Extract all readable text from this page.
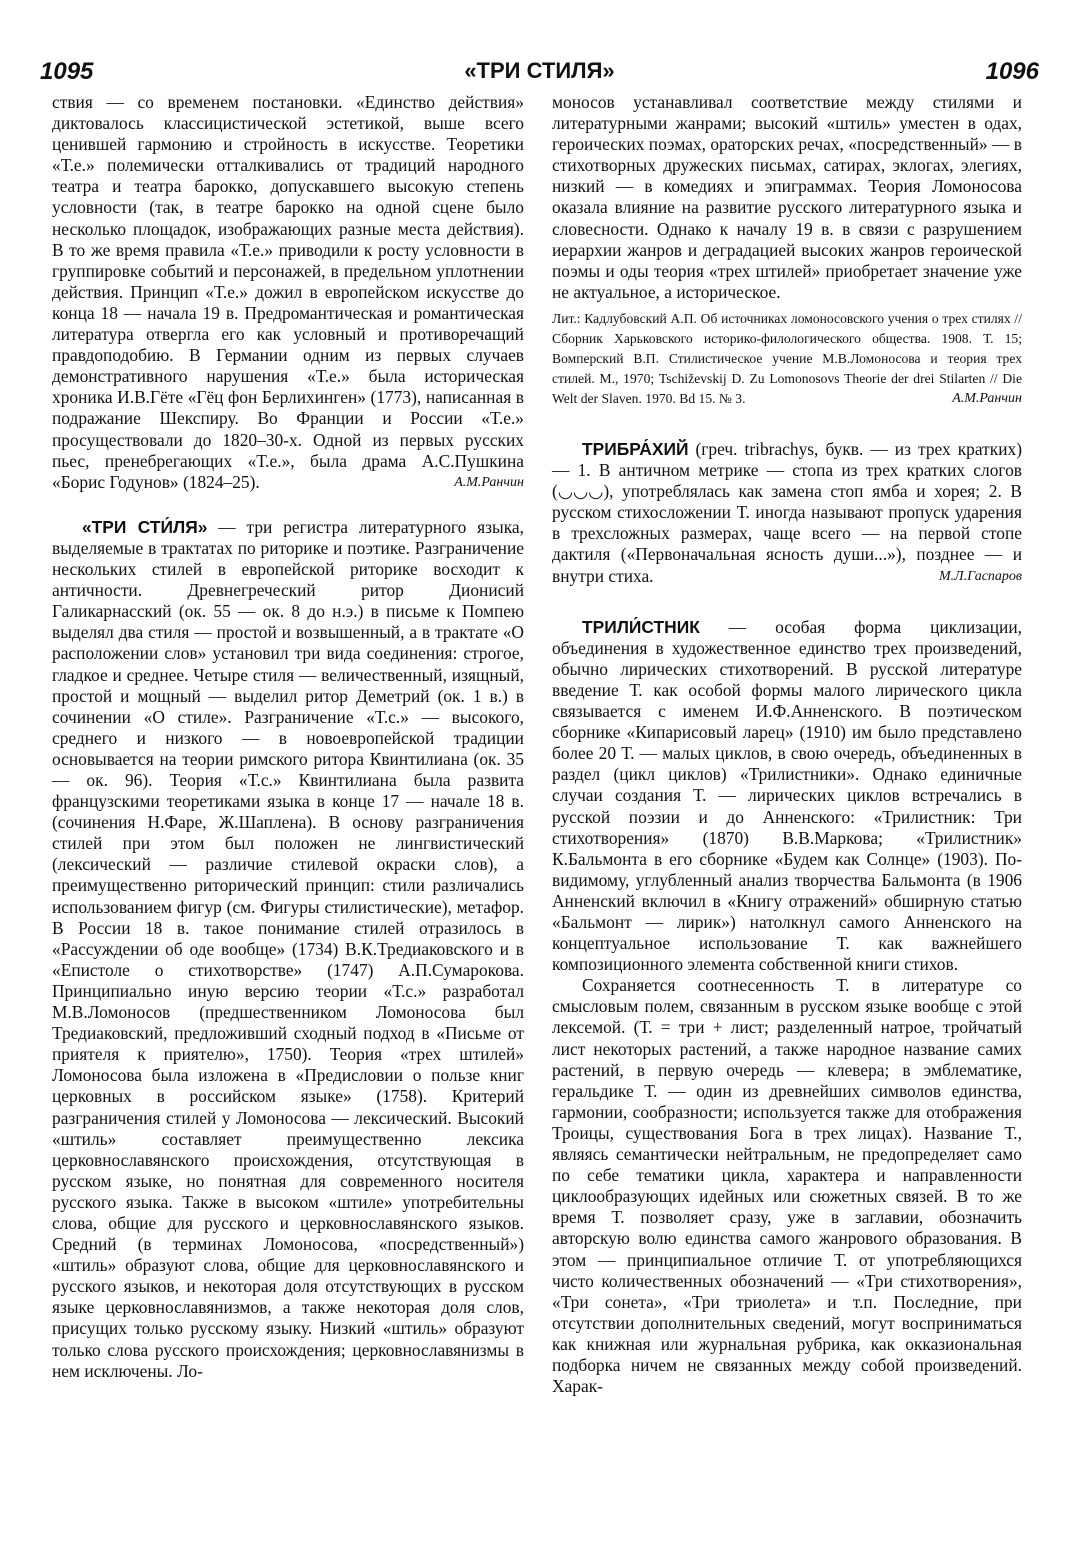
1095	«ТРИ СТИЛЯ»	1096

ствия — со временем постановки. «Единство действия» диктовалось классицистической эстетикой, выше всего ценившей гармонию и стройность в искусстве. Теоретики «Т.е.» полемически отталкивались от традиций народного театра и театра барокко, допускавшего высокую степень условности (так, в театре барокко на одной сцене было несколько площадок, изображающих разные места действия). В то же время правила «Т.е.» приводили к росту условности в группировке событий и персонажей, в предельном уплотнении действия. Принцип «Т.е.» дожил в европейском искусстве до конца 18 — начала 19 в. Предромантическая и романтическая литература отвергла его как условный и противоречащий правдоподобию. В Германии одним из первых случаев демонстративного нарушения «Т.е.» была историческая хроника И.В.Гёте «Гёц фон Берлихинген» (1773), написанная в подражание Шекспиру. Во Франции и России «Т.е.» просуществовали до 1820–30-х. Одной из первых русских пьес, пренебрегающих «Т.е.», была драма А.С.Пушкина «Борис Годунов» (1824–25).	А.М.Ранчин

«ТРИ СТИ́ЛЯ» — три регистра литературного языка, выделяемые в трактатах по риторике и поэтике. Разграничение нескольких стилей в европейской риторике восходит к античности. Древнегреческий ритор Дионисий Галикарнасский (ок. 55 — ок. 8 до н.э.) в письме к Помпею выделял два стиля — простой и возвышенный, а в трактате «О расположении слов» установил три вида соединения: строгое, гладкое и среднее. Четыре стиля — величественный, изящный, простой и мощный — выделил ритор Деметрий (ок. 1 в.) в сочинении «О стиле». Разграничение «Т.с.» — высокого, среднего и низкого — в новоевропейской традиции основывается на теории римского ритора Квинтилиана (ок. 35 — ок. 96). Теория «Т.с.» Квинтилиана была развита французскими теоретиками языка в конце 17 — начале 18 в. (сочинения Н.Фаре, Ж.Шаплена). В основу разграничения стилей при этом был положен не лингвистический (лексический — различие стилевой окраски слов), а преимущественно риторический принцип: стили различались использованием фигур (см. Фигуры стилистические), метафор. В России 18 в. такое понимание стилей отразилось в «Рассуждении об оде вообще» (1734) В.К.Тредиаковского и в «Епистоле о стихотворстве» (1747) А.П.Сумарокова. Принципиально иную версию теории «Т.с.» разработал М.В.Ломоносов (предшественником Ломоносова был Тредиаковский, предложивший сходный подход в «Письме от приятеля к приятелю», 1750). Теория «трех штилей» Ломоносова была изложена в «Предисловии о пользе книг церковных в российском языке» (1758). Критерий разграничения стилей у Ломоносова — лексический. Высокий «штиль» составляет преимущественно лексика церковнославянского происхождения, отсутствующая в русском языке, но понятная для современного носителя русского языка. Также в высоком «штиле» употребительны слова, общие для русского и церковнославянского языков. Средний (в терминах Ломоносова, «посредственный») «штиль» образуют слова, общие для церковнославянского и русского языков, и некоторая доля отсутствующих в русском языке церковнославянизмов, а также некоторая доля слов, присущих только русскому языку. Низкий «штиль» образуют только слова русского происхождения; церковнославянизмы в нем исключены. Ло-

моносов устанавливал соответствие между стилями и литературными жанрами; высокий «штиль» уместен в одах, героических поэмах, ораторских речах, «посредственный» — в стихотворных дружеских письмах, сатирах, эклогах, элегиях, низкий — в комедиях и эпиграммах. Теория Ломоносова оказала влияние на развитие русского литературного языка и словесности. Однако к началу 19 в. в связи с разрушением иерархии жанров и деградацией высоких жанров героической поэмы и оды теория «трех штилей» приобретает значение уже не актуальное, а историческое.

Лит.: Кадлубовский А.П. Об источниках ломоносовского учения о трех стилях // Сборник Харьковского историко-филологического общества. 1908. Т. 15; Вомперский В.П. Стилистическое учение М.В.Ломоносова и теория трех стилей. М., 1970; Tschi⁠ževskij D. Zu Lomonosovs Theorie der drei Stilarten // Die Welt der Slaven. 1970. Bd 15. № 3.	А.М.Ранчин

ТРИБРА́ХИЙ (греч. tribrachys, букв. — из трех кратких) — 1. В античном метрике — стопа из трех кратких слогов (◡◡◡), употреблялась как замена стоп ямба и хорея; 2. В русском стихосложении Т. иногда называют пропуск ударения в трехсложных размерах, чаще всего — на первой стопе дактиля («Первоначальная ясность души...»), позднее — и внутри стиха.	М.Л.Гаспаров

ТРИЛИ́СТНИК — особая форма циклизации, объединения в художественное единство трех произведений, обычно лирических стихотворений. В русской литературе введение Т. как особой формы малого лирического цикла связывается с именем И.Ф.Анненского. В поэтическом сборнике «Кипарисовый ларец» (1910) им было представлено более 20 Т. — малых циклов, в свою очередь, объединенных в раздел (цикл циклов) «Трилистники». Однако единичные случаи создания Т. — лирических циклов встречались в русской поэзии и до Анненского: «Трилистник: Три стихотворения» (1870) В.В.Маркова; «Трилистник» К.Бальмонта в его сборнике «Будем как Солнце» (1903). По-видимому, углубленный анализ творчества Бальмонта (в 1906 Анненский включил в «Книгу отражений» обширную статью «Бальмонт — лирик») натолкнул самого Анненского на концептуальное использование Т. как важнейшего композиционного элемента собственной книги стихов.

Сохраняется соотнесенность Т. в литературе со смысловым полем, связанным в русском языке вообще с этой лексемой. (Т. = три + лист; разделенный натрое, тройчатый лист некоторых растений, а также народное название самих растений, в первую очередь — клевера; в эмблематике, геральдике Т. — один из древнейших символов единства, гармонии, сообразности; используется также для отображения Троицы, существования Бога в трех лицах). Название Т., являясь семантически нейтральным, не предопределяет само по себе тематики цикла, характера и направленности циклообразующих идейных или сюжетных связей. В то же время Т. позволяет сразу, уже в заглавии, обозначить авторскую волю единства самого жанрового образования. В этом — принципиальное отличие Т. от употребляющихся чисто количественных обозначений — «Три стихотворения», «Три сонета», «Три триолета» и т.п. Последние, при отсутствии дополнительных сведений, могут восприниматься как книжная или журнальная рубрика, как окказиональная подборка ничем не связанных между собой произведений. Харак-
